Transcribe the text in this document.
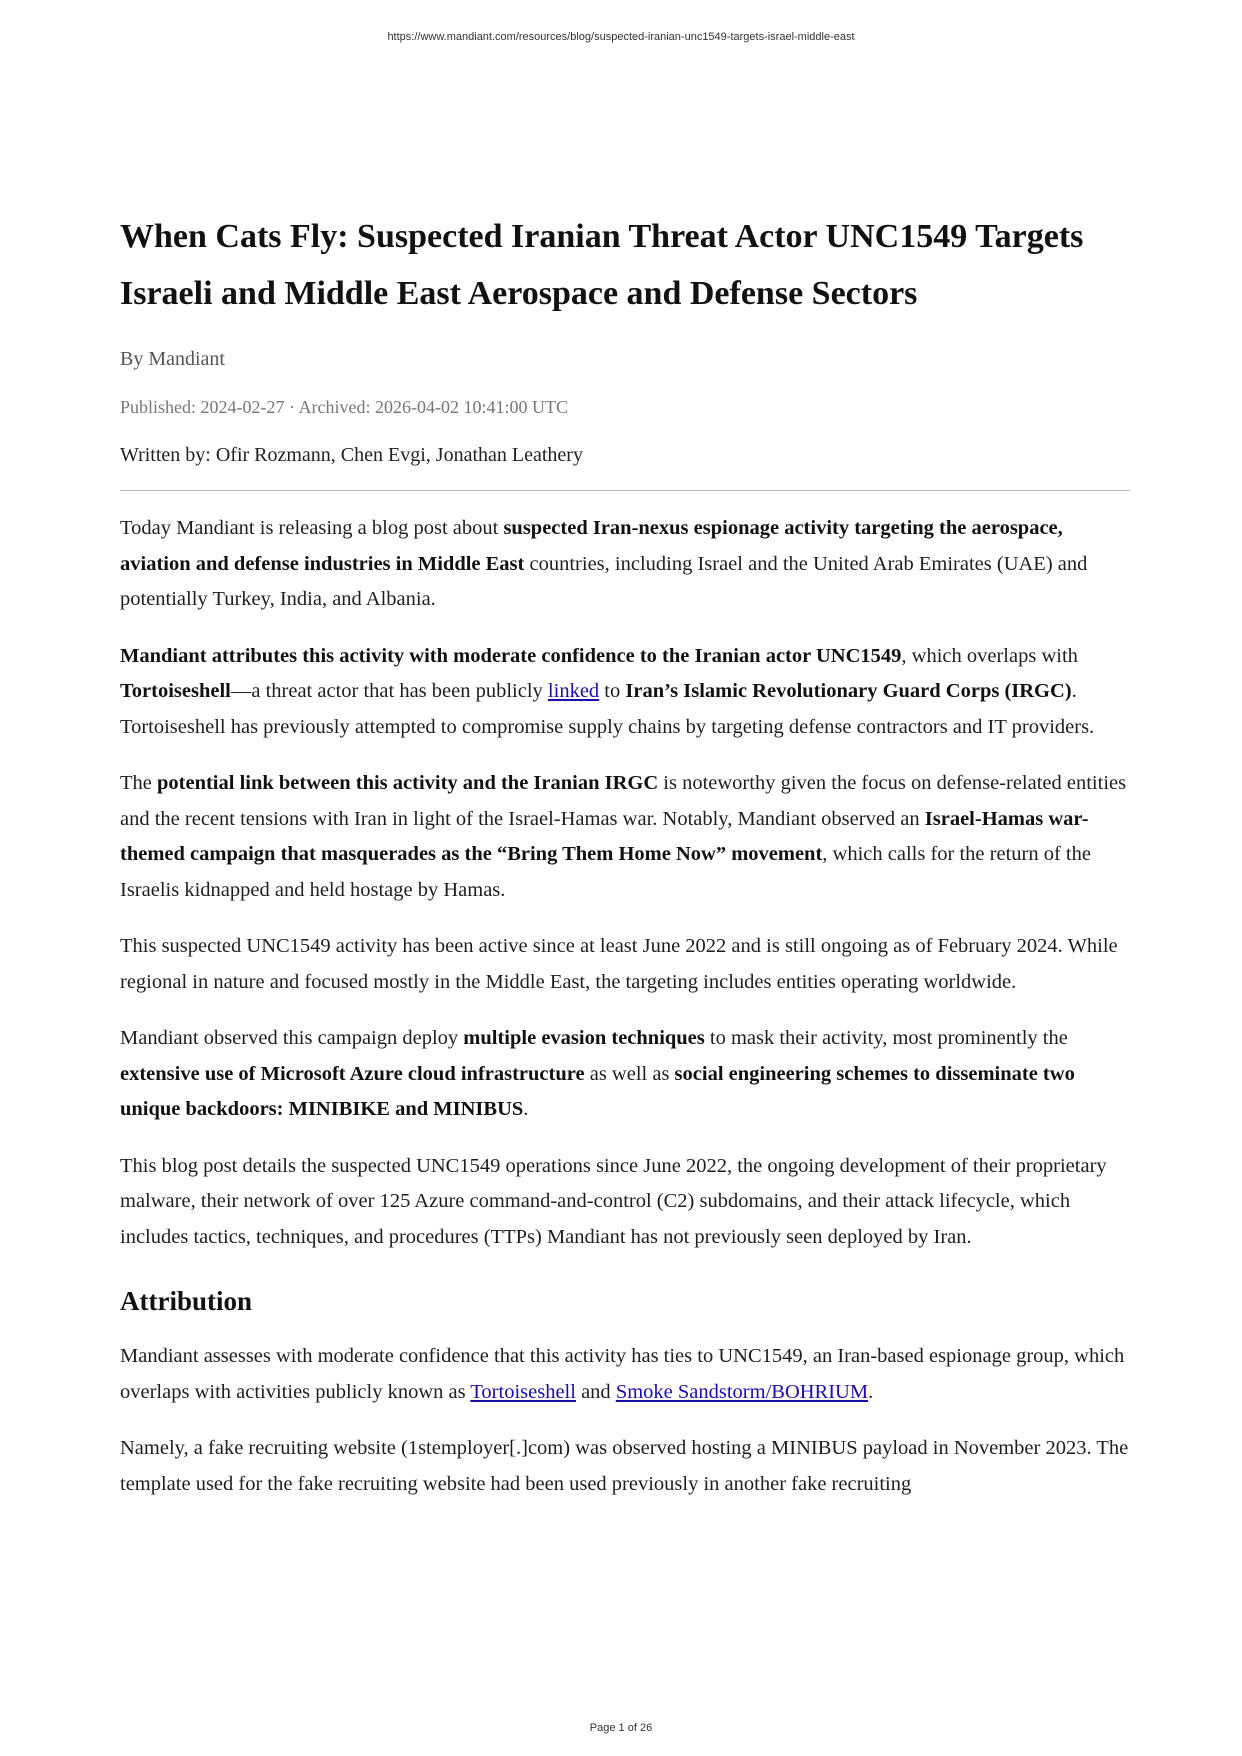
https://www.mandiant.com/resources/blog/suspected-iranian-unc1549-targets-israel-middle-east
When Cats Fly: Suspected Iranian Threat Actor UNC1549 Targets Israeli and Middle East Aerospace and Defense Sectors
By Mandiant
Published: 2024-02-27 · Archived: 2026-04-02 10:41:00 UTC
Written by: Ofir Rozmann, Chen Evgi, Jonathan Leathery

Today Mandiant is releasing a blog post about suspected Iran-nexus espionage activity targeting the aerospace, aviation and defense industries in Middle East countries, including Israel and the United Arab Emirates (UAE) and potentially Turkey, India, and Albania.

Mandiant attributes this activity with moderate confidence to the Iranian actor UNC1549, which overlaps with Tortoiseshell—a threat actor that has been publicly linked to Iran’s Islamic Revolutionary Guard Corps (IRGC). Tortoiseshell has previously attempted to compromise supply chains by targeting defense contractors and IT providers.

The potential link between this activity and the Iranian IRGC is noteworthy given the focus on defense-related entities and the recent tensions with Iran in light of the Israel-Hamas war. Notably, Mandiant observed an Israel-Hamas war-themed campaign that masquerades as the “Bring Them Home Now” movement, which calls for the return of the Israelis kidnapped and held hostage by Hamas.

This suspected UNC1549 activity has been active since at least June 2022 and is still ongoing as of February 2024. While regional in nature and focused mostly in the Middle East, the targeting includes entities operating worldwide.

Mandiant observed this campaign deploy multiple evasion techniques to mask their activity, most prominently the extensive use of Microsoft Azure cloud infrastructure as well as social engineering schemes to disseminate two unique backdoors: MINIBIKE and MINIBUS.

This blog post details the suspected UNC1549 operations since June 2022, the ongoing development of their proprietary malware, their network of over 125 Azure command-and-control (C2) subdomains, and their attack lifecycle, which includes tactics, techniques, and procedures (TTPs) Mandiant has not previously seen deployed by Iran.

Attribution

Mandiant assesses with moderate confidence that this activity has ties to UNC1549, an Iran-based espionage group, which overlaps with activities publicly known as Tortoiseshell and Smoke Sandstorm/BOHRIUM.

Namely, a fake recruiting website (1stemployer[.]com) was observed hosting a MINIBUS payload in November 2023. The template used for the fake recruiting website had been used previously in another fake recruiting

Page 1 of 26
